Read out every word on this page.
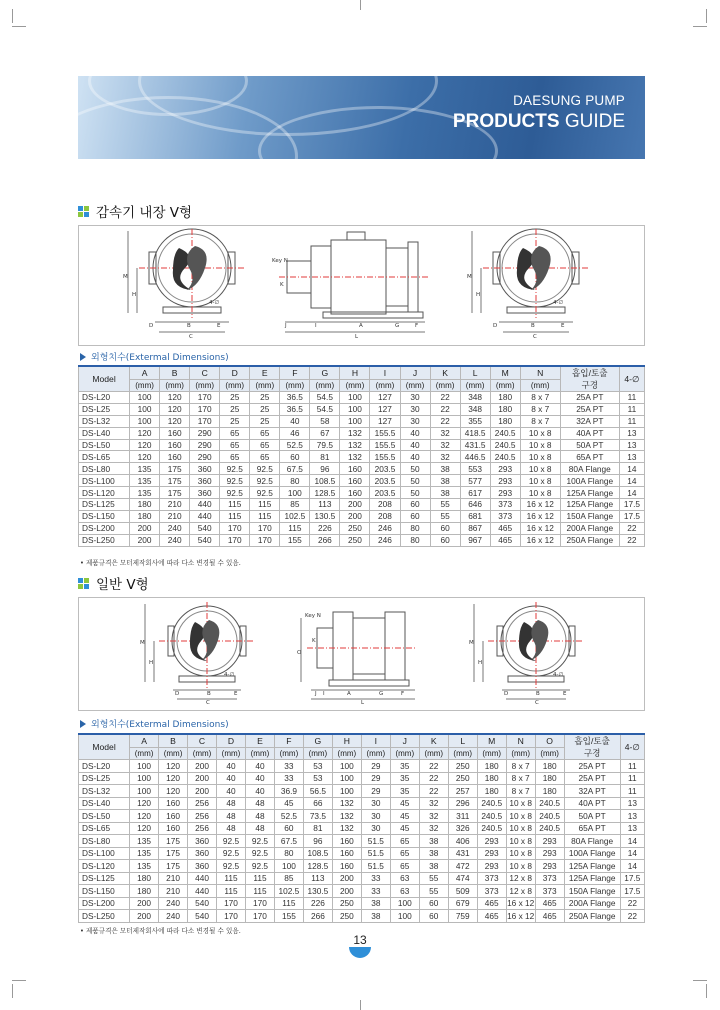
DAESUNG PUMP
PRODUCTS GUIDE
감속기 내장 V형
M
H
D	B	E
C
4-∅
Key N
K
J	I	A	G	F
L
M
H
D	B	E
C
4-∅
외형치수(Extermal Dimensions)
Model	A	B	C	D	E	F	G	H	I	J	K	L	M	N	흡입/토출
구경	4-∅
	(mm)	(mm)	(mm)	(mm)	(mm)	(mm)	(mm)	(mm)	(mm)	(mm)	(mm)	(mm)	(mm)	(mm)		
DS-L20	100	120	170	25	25	36.5	54.5	100	127	30	22	348	180	8 x 7	25A PT	11
DS-L25	100	120	170	25	25	36.5	54.5	100	127	30	22	348	180	8 x 7	25A PT	11
DS-L32	100	120	170	25	25	40	58	100	127	30	22	355	180	8 x 7	32A PT	11
DS-L40	120	160	290	65	65	46	67	132	155.5	40	32	418.5	240.5	10 x 8	40A PT	13
DS-L50	120	160	290	65	65	52.5	79.5	132	155.5	40	32	431.5	240.5	10 x 8	50A PT	13
DS-L65	120	160	290	65	65	60	81	132	155.5	40	32	446.5	240.5	10 x 8	65A PT	13
DS-L80	135	175	360	92.5	92.5	67.5	96	160	203.5	50	38	553	293	10 x 8	80A Flange	14
DS-L100	135	175	360	92.5	92.5	80	108.5	160	203.5	50	38	577	293	10 x 8	100A Flange	14
DS-L120	135	175	360	92.5	92.5	100	128.5	160	203.5	50	38	617	293	10 x 8	125A Flange	14
DS-L125	180	210	440	115	115	85	113	200	208	60	55	646	373	16 x 12	125A Flange	17.5
DS-L150	180	210	440	115	115	102.5	130.5	200	208	60	55	681	373	16 x 12	150A Flange	17.5
DS-L200	200	240	540	170	170	115	226	250	246	80	60	867	465	16 x 12	200A Flange	22
DS-L250	200	240	540	170	170	155	266	250	246	80	60	967	465	16 x 12	250A Flange	22
• 제품규격은 모터제작회사에 따라 다소 변경될 수 있음.
일반 V형
M
H
D	B	E
C
4-∅
Key N
O
K
J I	A	G	F
L
M
H
D	B	E
C
4-∅
외형치수(Extermal Dimensions)
Model	A	B	C	D	E	F	G	H	I	J	K	L	M	N	O	흡입/토출
구경	4-∅
	(mm)	(mm)	(mm)	(mm)	(mm)	(mm)	(mm)	(mm)	(mm)	(mm)	(mm)	(mm)	(mm)	(mm)	(mm)		
DS-L20	100	120	200	40	40	33	53	100	29	35	22	250	180	8 x 7	180	25A PT	11
DS-L25	100	120	200	40	40	33	53	100	29	35	22	250	180	8 x 7	180	25A PT	11
DS-L32	100	120	200	40	40	36.9	56.5	100	29	35	22	257	180	8 x 7	180	32A PT	11
DS-L40	120	160	256	48	48	45	66	132	30	45	32	296	240.5	10 x 8	240.5	40A PT	13
DS-L50	120	160	256	48	48	52.5	73.5	132	30	45	32	311	240.5	10 x 8	240.5	50A PT	13
DS-L65	120	160	256	48	48	60	81	132	30	45	32	326	240.5	10 x 8	240.5	65A PT	13
DS-L80	135	175	360	92.5	92.5	67.5	96	160	51.5	65	38	406	293	10 x 8	293	80A Flange	14
DS-L100	135	175	360	92.5	92.5	80	108.5	160	51.5	65	38	431	293	10 x 8	293	100A Flange	14
DS-L120	135	175	360	92.5	92.5	100	128.5	160	51.5	65	38	472	293	10 x 8	293	125A Flange	14
DS-L125	180	210	440	115	115	85	113	200	33	63	55	474	373	12 x 8	373	125A Flange	17.5
DS-L150	180	210	440	115	115	102.5	130.5	200	33	63	55	509	373	12 x 8	373	150A Flange	17.5
DS-L200	200	240	540	170	170	115	226	250	38	100	60	679	465	16 x 12	465	200A Flange	22
DS-L250	200	240	540	170	170	155	266	250	38	100	60	759	465	16 x 12	465	250A Flange	22
• 제품규격은 모터제작회사에 따라 다소 변경될 수 있음.
13
